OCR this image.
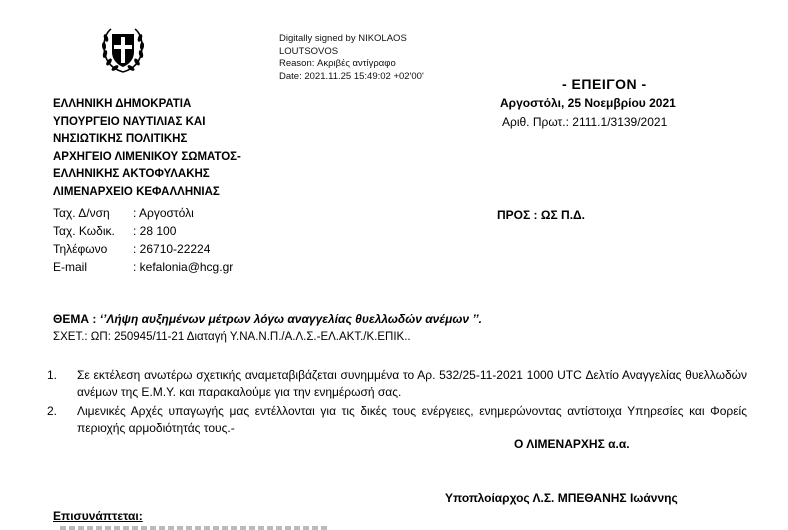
Digitally signed by NIKOLAOS
LOUTSOVOS
Reason: Ακριβές αντίγραφο
Date: 2021.11.25 15:49:02 +02'00'	- ΕΠΕΙΓΟΝ -
Αργοστόλι, 25 Νοεμβρίου 2021
Αριθ. Πρωτ.: 2111.1/3139/2021
ΕΛΛΗΝΙΚΗ ΔΗΜΟΚΡΑΤΙΑ
ΥΠΟΥΡΓΕΙΟ ΝΑΥΤΙΛΙΑΣ ΚΑΙ
ΝΗΣΙΩΤΙΚΗΣ ΠΟΛΙΤΙΚΗΣ
ΑΡΧΗΓΕΙΟ ΛΙΜΕΝΙΚΟΥ ΣΩΜΑΤΟΣ-
ΕΛΛΗΝΙΚΗΣ ΑΚΤΟΦΥΛΑΚΗΣ
ΛΙΜΕΝΑΡΧΕΙΟ ΚΕΦΑΛΛΗΝΙΑΣ
Ταχ. Δ/νση	: Αργοστόλι
Ταχ. Κωδικ.	: 28 100
Τηλέφωνο	: 26710-22224
E-mail	: kefalonia@hcg.gr
ΠΡΟΣ : ΩΣ Π.Δ.
ΘΕΜΑ : ‘’Λήψη αυξημένων μέτρων λόγω αναγγελίας θυελλωδών ανέμων ’’.
ΣΧΕΤ.: ΩΠ: 250945/11-21 Διαταγή Υ.ΝΑ.Ν.Π./Α.Λ.Σ.-ΕΛ.ΑΚΤ./Κ.ΕΠΙΚ..
1.	Σε εκτέλεση ανωτέρω σχετικής αναμεταβιβάζεται συνημμένα το Αρ. 532/25-11-2021 1000 UTC Δελτίο Αναγγελίας θυελλωδών ανέμων της Ε.Μ.Υ. και παρακαλούμε για την ενημέρωσή σας.
2.	Λιμενικές Αρχές υπαγωγής μας εντέλλονται για τις δικές τους ενέργειες, ενημερώνοντας αντίστοιχα Υπηρεσίες και Φορείς περιοχής αρμοδιότητάς τους.-
Ο ΛΙΜΕΝΑΡΧΗΣ α.α.
Υποπλοίαρχος Λ.Σ. ΜΠΕΘΑΝΗΣ Ιωάννης
Επισυνάπτεται:
